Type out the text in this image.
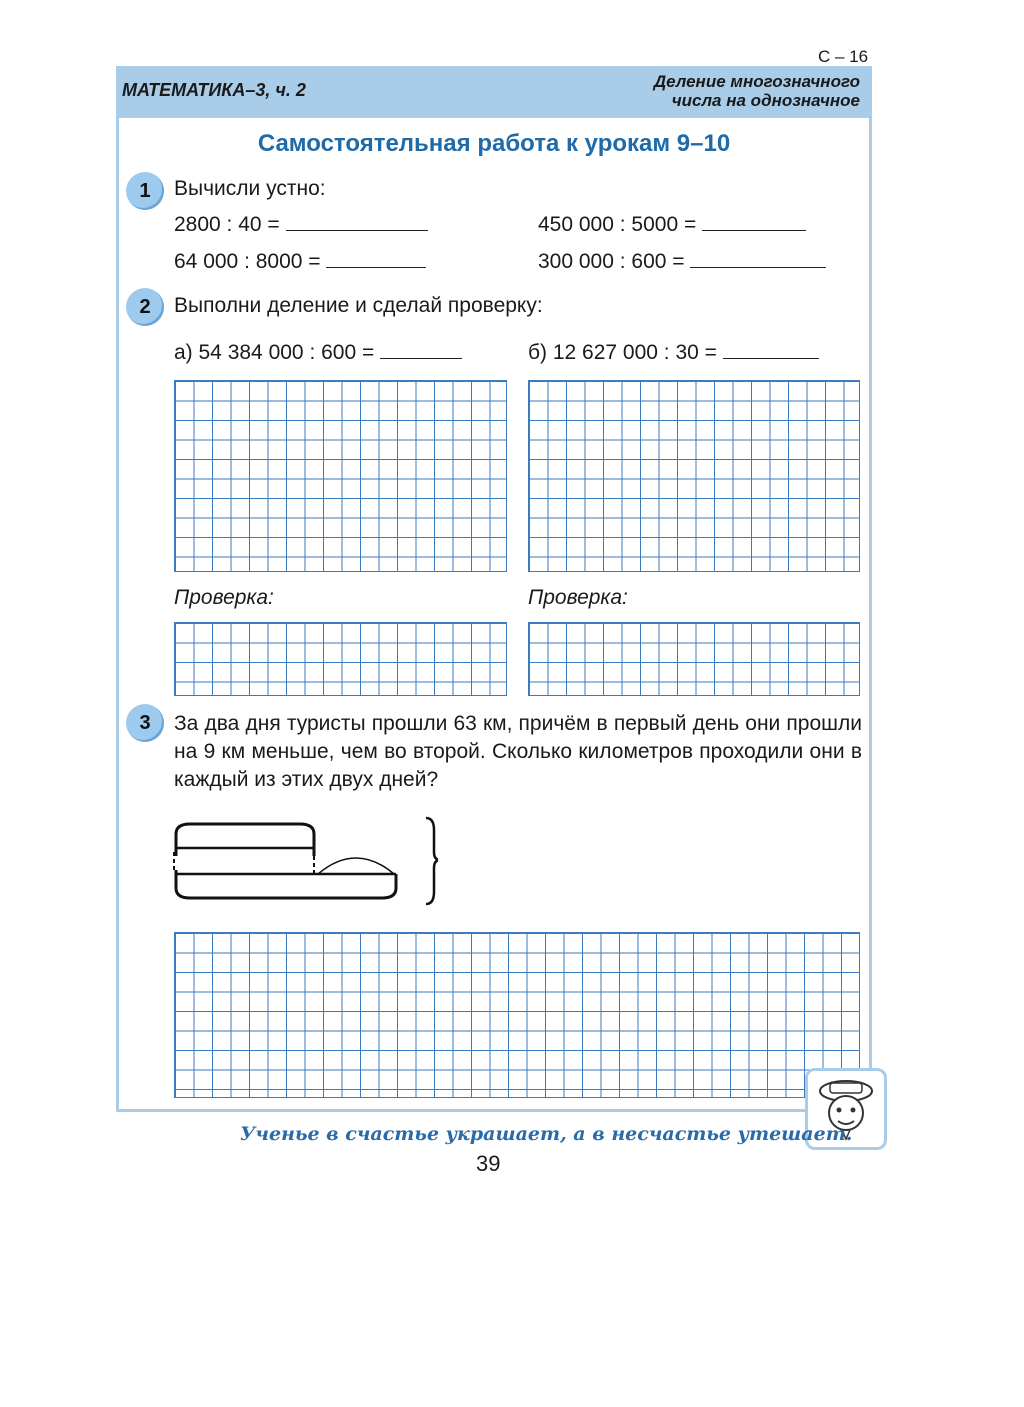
С – 16
МАТЕМАТИКА–3, ч. 2	Деление многозначного
числа на однозначное
Самостоятельная работа к урокам 9–10
1	Вычисли устно:
2800 : 40 =	450 000 : 5000 =
64 000 : 8000 =	300 000 : 600 =
2	Выполни деление и сделай проверку:
а) 54 384 000 : 600 =	б) 12 627 000 : 30 =
Проверка:	Проверка:
3	За два дня туристы прошли 63 км, причём в первый день они прошли на 9 км меньше, чем во второй. Сколько километров проходили они в каждый из этих двух дней?
Ученье в счастье украшает, а в несчастье утешает.
39
